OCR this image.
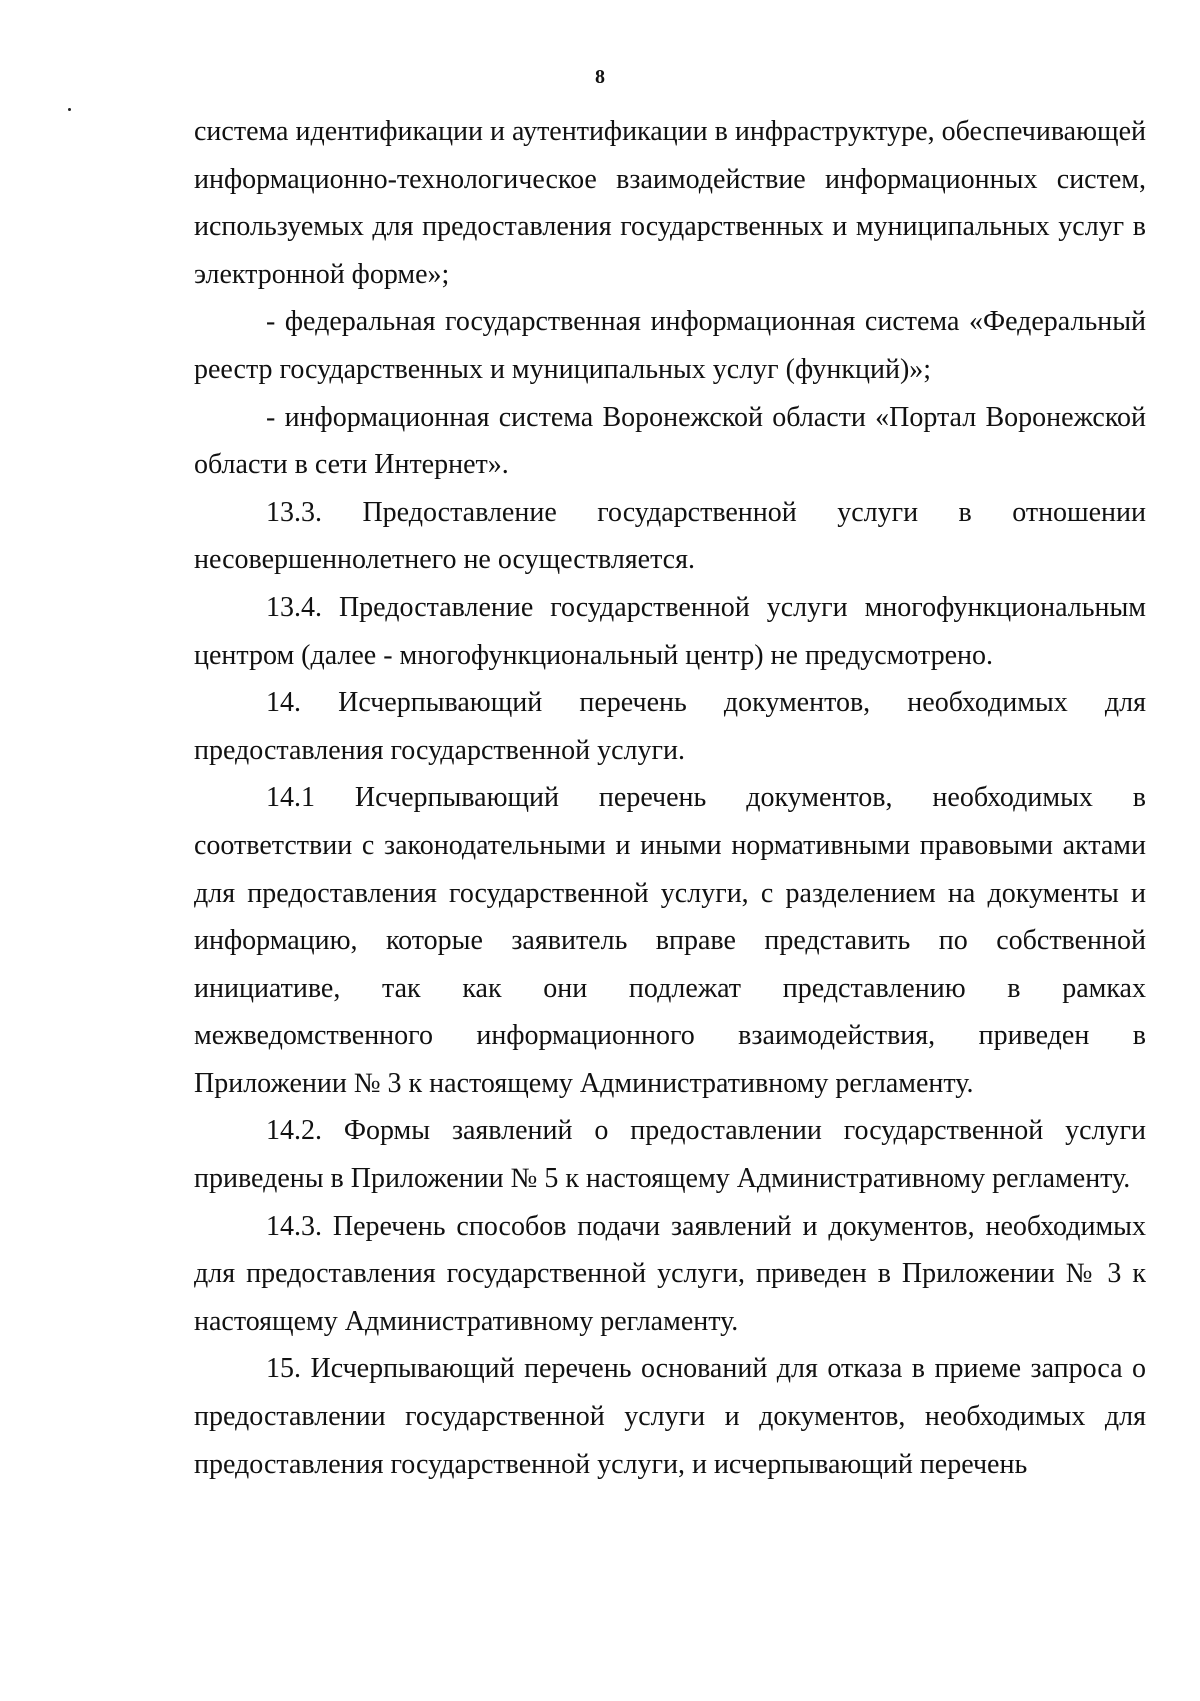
8

система идентификации и аутентификации в инфраструктуре, обеспечивающей информационно-технологическое взаимодействие информационных систем, используемых для предоставления государственных и муниципальных услуг в электронной форме»;

- федеральная государственная информационная система «Федеральный реестр государственных и муниципальных услуг (функций)»;

- информационная система Воронежской области «Портал Воронежской области в сети Интернет».

13.3. Предоставление государственной услуги в отношении несовершеннолетнего не осуществляется.

13.4. Предоставление государственной услуги многофункциональным центром (далее - многофункциональный центр) не предусмотрено.

14. Исчерпывающий перечень документов, необходимых для предоставления государственной услуги.

14.1 Исчерпывающий перечень документов, необходимых в соответствии с законодательными и иными нормативными правовыми актами для предоставления государственной услуги, с разделением на документы и информацию, которые заявитель вправе представить по собственной инициативе, так как они подлежат представлению в рамках межведомственного информационного взаимодействия, приведен в Приложении № 3 к настоящему Административному регламенту.

14.2. Формы заявлений о предоставлении государственной услуги приведены в Приложении № 5 к настоящему Административному регламенту.

14.3. Перечень способов подачи заявлений и документов, необходимых для предоставления государственной услуги, приведен в Приложении № 3 к настоящему Административному регламенту.

15. Исчерпывающий перечень оснований для отказа в приеме запроса о предоставлении государственной услуги и документов, необходимых для предоставления государственной услуги, и исчерпывающий перечень
